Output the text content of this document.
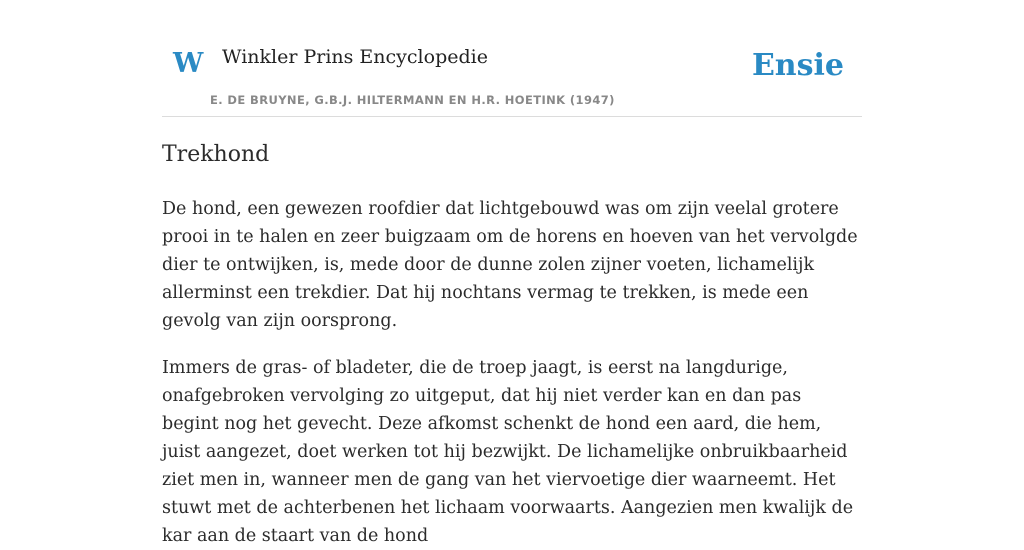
W Winkler Prins Encyclopedie
E. DE BRUYNE, G.B.J. HILTERMANN EN H.R. HOETINK (1947)
Ensie
Trekhond

De hond, een gewezen roofdier dat lichtgebouwd was om zijn veelal grotere prooi in te halen en zeer buigzaam om de horens en hoeven van het vervolgde dier te ontwijken, is, mede door de dunne zolen zijner voeten, lichamelijk allerminst een trekdier. Dat hij nochtans vermag te trekken, is mede een gevolg van zijn oorsprong.

Immers de gras- of bladeter, die de troep jaagt, is eerst na langdurige, onafgebroken vervolging zo uitgeput, dat hij niet verder kan en dan pas begint nog het gevecht. Deze afkomst schenkt de hond een aard, die hem, juist aangezet, doet werken tot hij bezwijkt. De lichamelijke onbruikbaarheid ziet men in, wanneer men de gang van het viervoetige dier waarneemt. Het stuwt met de achterbenen het lichaam voorwaarts. Aangezien men kwalijk de kar aan de staart van de hond
